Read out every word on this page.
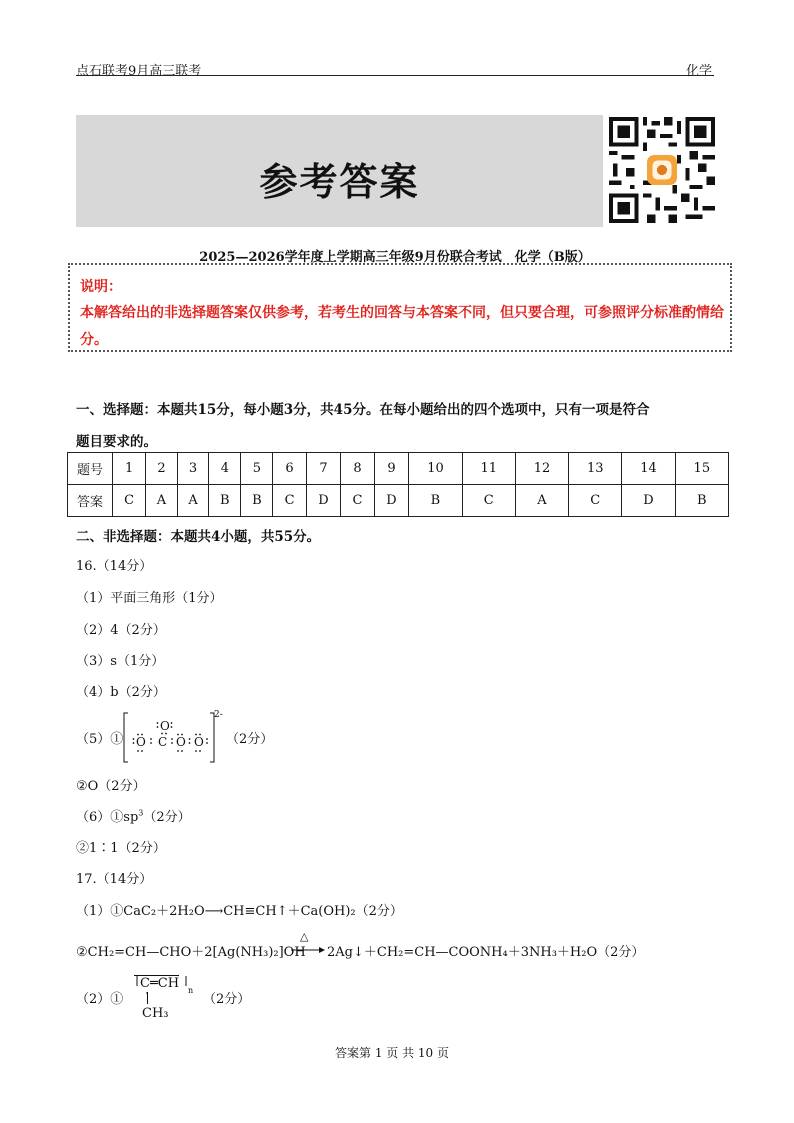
点石联考9月高三联考	化学
参考答案
2025—2026学年度上学期高三年级9月份联合考试　化学（B版）
说明：
本解答给出的非选择题答案仅供参考，若考生的回答与本答案不同，但只要合理，可参照评分标准酌情给分。
一、选择题：本题共15分，每小题3分，共45分。在每小题给出的四个选项中，只有一项是符合
题目要求的。
题号	1	2	3	4	5	6	7	8	9	10	11	12	13	14	15
答案	C	A	A	B	B	C	D	C	D	B	C	A	C	D	B
二、非选择题：本题共4小题，共55分。
16.（14分）
（1）平面三角形（1分）
（2）4（2分）
（3）s（1分）
（4）b（2分）
（5）①
O
O C O O
2-
（2分）
②O（2分）
$(6)①sp^3(2$分）
②1∶1（2分）
17.（14分）
（1）①CaC₂＋2H₂O⟶CH≡CH↑＋Ca(OH)₂（2分）
②CH₂=CH—CHO＋2[Ag(NH₃)₂]OH
△
→ 2Ag↓＋CH₂=CH—COONH₄＋3NH₃＋H₂O（2分）
（2）①
C═CH n
CH₃
（2分）
答案第 1 页 共 10 页
